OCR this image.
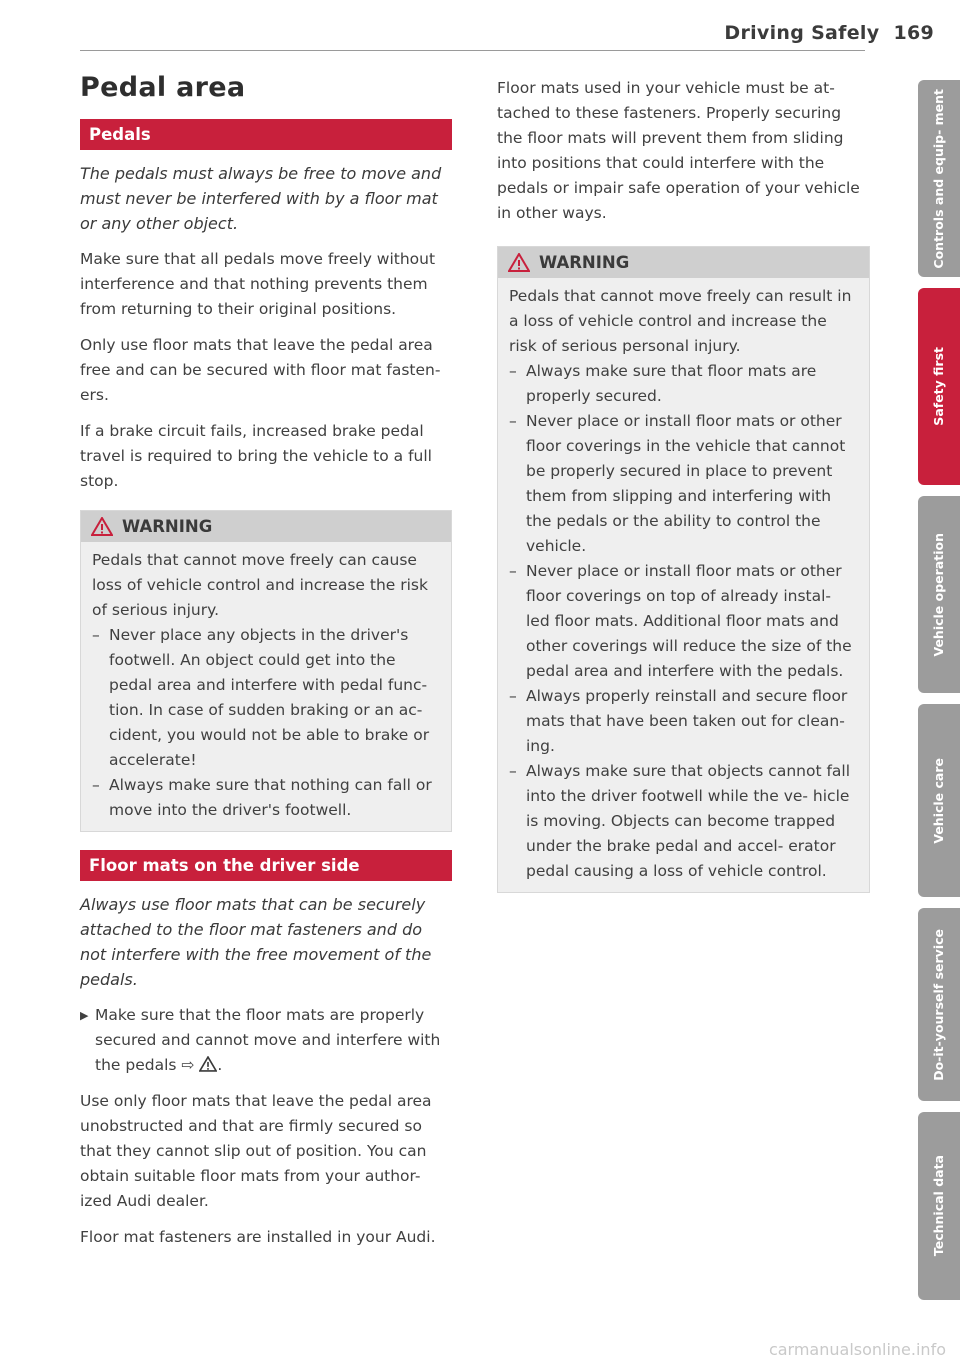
Driving Safely 169
Pedal area
Pedals

The pedals must always be free to move and must never be interfered with by a floor mat or any other object.

Make sure that all pedals move freely without interference and that nothing prevents them from returning to their original positions.

Only use floor mats that leave the pedal area free and can be secured with floor mat fasten- ers.

If a brake circuit fails, increased brake pedal travel is required to bring the vehicle to a full stop.

WARNING

Pedals that cannot move freely can cause loss of vehicle control and increase the risk of serious injury.

– Never place any objects in the driver's footwell. An object could get into the pedal area and interfere with pedal func- tion. In case of sudden braking or an ac- cident, you would not be able to brake or accelerate!
– Always make sure that nothing can fall or move into the driver's footwell.
Floor mats on the driver side

Always use floor mats that can be securely attached to the floor mat fasteners and do not interfere with the free movement of the pedals.

▶ Make sure that the floor mats are properly secured and cannot move and interfere with the pedals ⇨ .

Use only floor mats that leave the pedal area unobstructed and that are firmly secured so that they cannot slip out of position. You can obtain suitable floor mats from your author- ized Audi dealer.

Floor mat fasteners are installed in your Audi.

Floor mats used in your vehicle must be at- tached to these fasteners. Properly securing the floor mats will prevent them from sliding into positions that could interfere with the pedals or impair safe operation of your vehicle in other ways.

WARNING

Pedals that cannot move freely can result in a loss of vehicle control and increase the risk of serious personal injury.

– Always make sure that floor mats are properly secured.
– Never place or install floor mats or other floor coverings in the vehicle that cannot be properly secured in place to prevent them from slipping and interfering with the pedals or the ability to control the vehicle.
– Never place or install floor mats or other floor coverings on top of already instal- led floor mats. Additional floor mats and other coverings will reduce the size of the pedal area and interfere with the pedals.
– Always properly reinstall and secure floor mats that have been taken out for clean- ing.
– Always make sure that objects cannot fall into the driver footwell while the ve- hicle is moving. Objects can become trapped under the brake pedal and accel- erator pedal causing a loss of vehicle control.
Controls and equip- ment
Safety first
Vehicle operation
Vehicle care
Do-it-yourself service
Technical data
carmanualsonline.info
